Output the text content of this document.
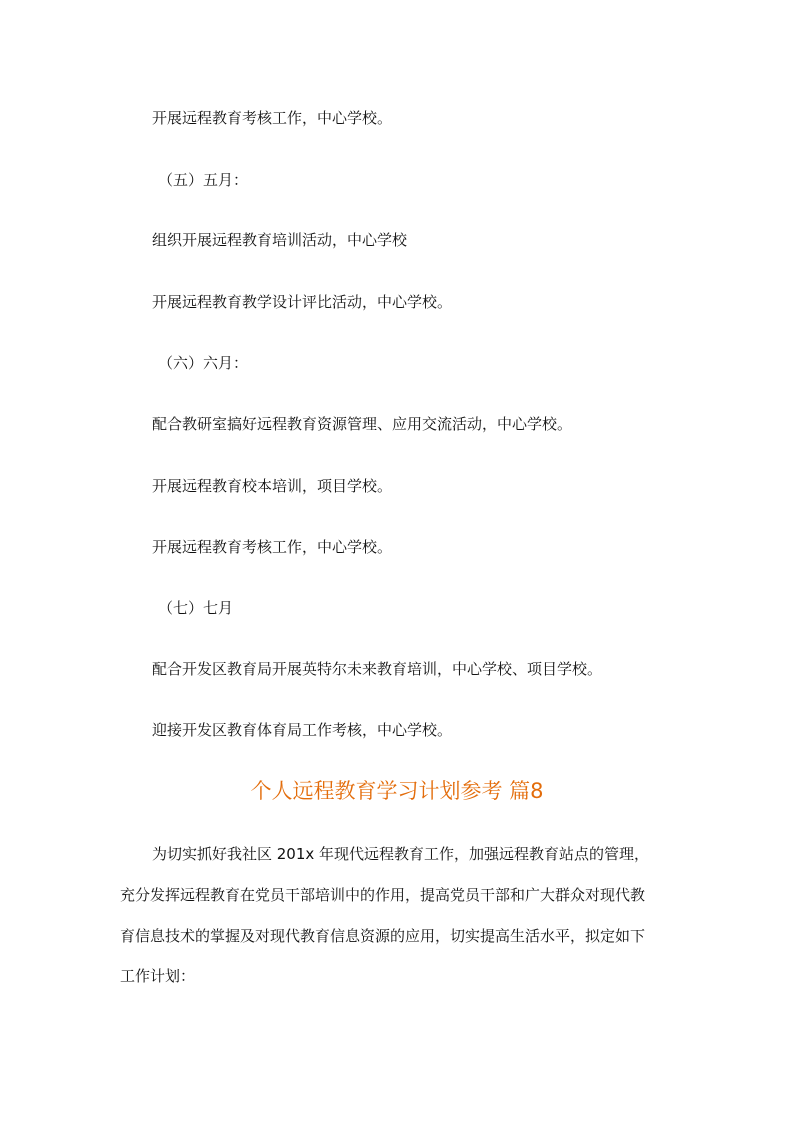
开展远程教育考核工作，中心学校。
（五）五月：
组织开展远程教育培训活动，中心学校
开展远程教育教学设计评比活动，中心学校。
（六）六月：
配合教研室搞好远程教育资源管理、应用交流活动，中心学校。
开展远程教育校本培训，项目学校。
开展远程教育考核工作，中心学校。
（七）七月
配合开发区教育局开展英特尔未来教育培训，中心学校、项目学校。
迎接开发区教育体育局工作考核，中心学校。
个人远程教育学习计划参考 篇8
为切实抓好我社区 201x 年现代远程教育工作，加强远程教育站点的管理，
充分发挥远程教育在党员干部培训中的作用，提高党员干部和广大群众对现代教
育信息技术的掌握及对现代教育信息资源的应用，切实提高生活水平，拟定如下
工作计划：
